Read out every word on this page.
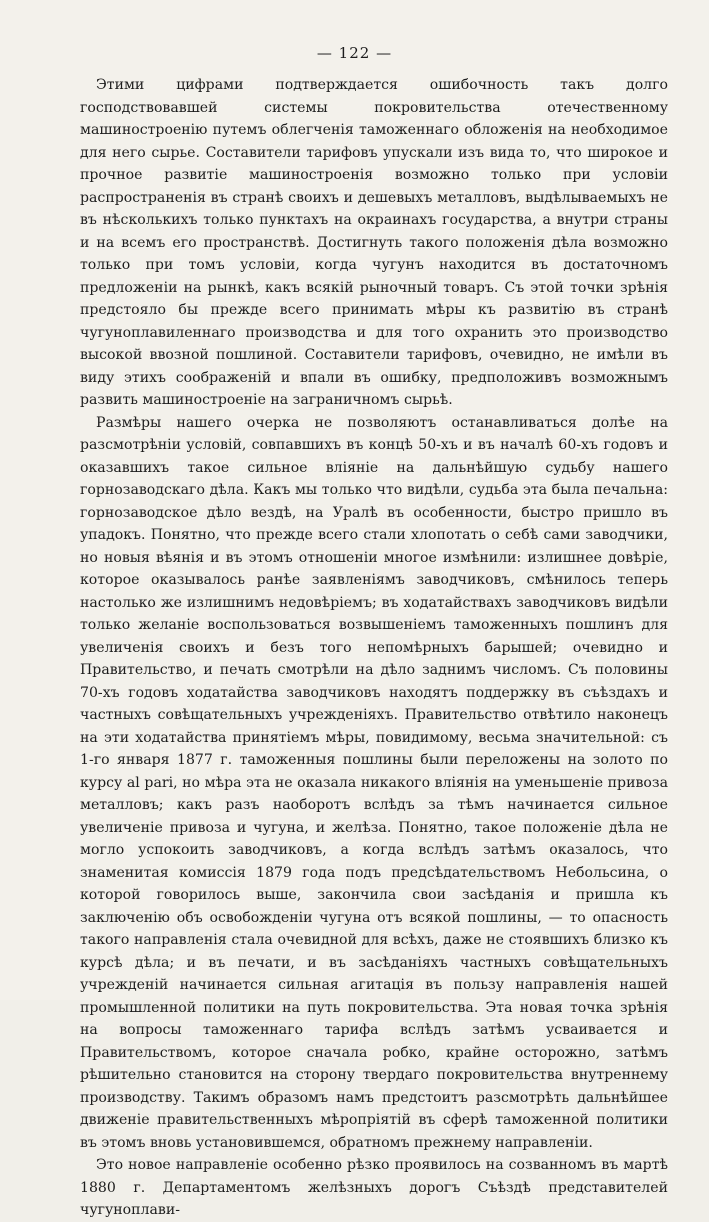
— 122 —

Этими цифрами подтверждается ошибочность такъ долго господствовавшей системы покровительства отечественному машиностроенію путемъ облегченія таможеннаго обложенія на необходимое для него сырье. Составители тарифовъ упускали изъ вида то, что широкое и прочное развитіе машиностроенія возможно только при условіи распространенія въ странѣ своихъ и дешевыхъ металловъ, выдѣлываемыхъ не въ нѣсколькихъ только пунктахъ на окраинахъ государства, а внутри страны и на всемъ его пространствѣ. Достигнуть такого положенія дѣла возможно только при томъ условіи, когда чугунъ находится въ достаточномъ предложеніи на рынкѣ, какъ всякій рыночный товаръ. Съ этой точки зрѣнія предстояло бы прежде всего принимать мѣры къ развитію въ странѣ чугуноплавиленнаго производства и для того охранить это производство высокой ввозной пошлиной. Составители тарифовъ, очевидно, не имѣли въ виду этихъ соображеній и впали въ ошибку, предположивъ возможнымъ развить машиностроеніе на заграничномъ сырьѣ.

Размѣры нашего очерка не позволяютъ останавливаться долѣе на разсмотрѣніи условій, совпавшихъ въ концѣ 50-хъ и въ началѣ 60-хъ годовъ и оказавшихъ такое сильное вліяніе на дальнѣйшую судьбу нашего горнозаводскаго дѣла. Какъ мы только что видѣли, судьба эта была печальна: горнозаводское дѣло вездѣ, на Уралѣ въ особенности, быстро пришло въ упадокъ. Понятно, что прежде всего стали хлопотать о себѣ сами заводчики, но новыя вѣянія и въ этомъ отношеніи многое измѣнили: излишнее довѣріе, которое оказывалось ранѣе заявленіямъ заводчиковъ, смѣнилось теперь настолько же излишнимъ недовѣріемъ; въ ходатайствахъ заводчиковъ видѣли только желаніе воспользоваться возвышеніемъ таможенныхъ пошлинъ для увеличенія своихъ и безъ того непомѣрныхъ барышей; очевидно и Правительство, и печать смотрѣли на дѣло заднимъ числомъ. Съ половины 70-хъ годовъ ходатайства заводчиковъ находятъ поддержку въ съѣздахъ и частныхъ совѣщательныхъ учрежденіяхъ. Правительство отвѣтило наконецъ на эти ходатайства принятіемъ мѣры, повидимому, весьма значительной: съ 1-го января 1877 г. таможенныя пошлины были переложены на золото по курсу al pari, но мѣра эта не оказала никакого вліянія на уменьшеніе привоза металловъ; какъ разъ наоборотъ вслѣдъ за тѣмъ начинается сильное увеличеніе привоза и чугуна, и желѣза. Понятно, такое положеніе дѣла не могло успокоить заводчиковъ, а когда вслѣдъ затѣмъ оказалось, что знаменитая комиссія 1879 года подъ предсѣдательствомъ Небольсина, о которой говорилось выше, закончила свои засѣданія и пришла къ заключенію объ освобожденіи чугуна отъ всякой пошлины, — то опасность такого направленія стала очевидной для всѣхъ, даже не стоявшихъ близко къ курсѣ дѣла; и въ печати, и въ засѣданіяхъ частныхъ совѣщательныхъ учрежденій начинается сильная агитація въ пользу направленія нашей промышленной политики на путь покровительства. Эта новая точка зрѣнія на вопросы таможеннаго тарифа вслѣдъ затѣмъ усваивается и Правительствомъ, которое сначала робко, крайне осторожно, затѣмъ рѣшительно становится на сторону твердаго покровительства внутреннему производству. Такимъ образомъ намъ предстоитъ разсмотрѣть дальнѣйшее движеніе правительственныхъ мѣропріятій въ сферѣ таможенной политики въ этомъ вновь установившемся, обратномъ прежнему направленіи.

Это новое направленіе особенно рѣзко проявилось на созванномъ въ мартѣ 1880 г. Департаментомъ желѣзныхъ дорогъ Съѣздѣ представителей чугуноплави-
